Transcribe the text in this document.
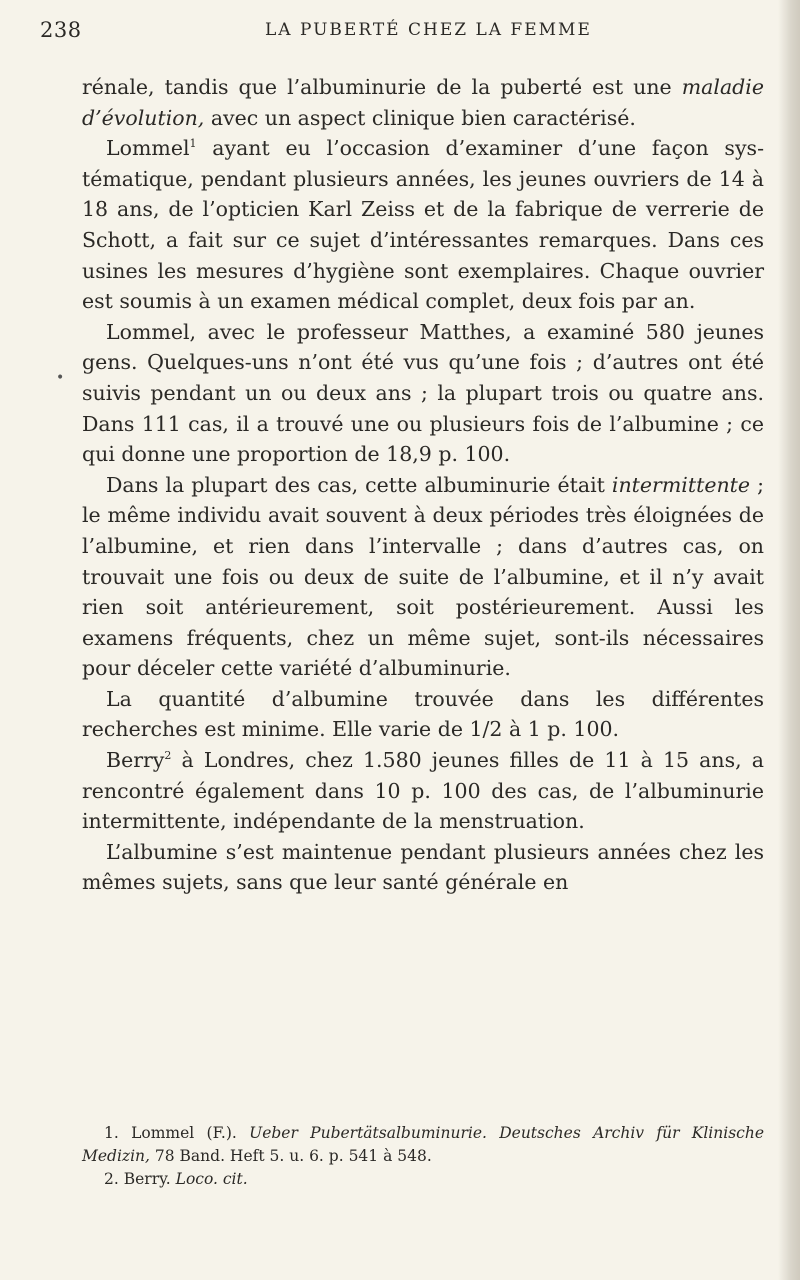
238	LA PUBERTÉ CHEZ LA FEMME
•

rénale, tandis que l’albuminurie de la puberté est une maladie d’évolution, avec un aspect clinique bien caractérisé.

Lommel$^1$ ayant eu l’occasion d’examiner d’une façon systématique, pendant plusieurs années, les jeunes ouvriers de 14 à 18 ans, de l’opticien Karl Zeiss et de la fabrique de verrerie de Schott, a fait sur ce sujet d’intéressantes remarques. Dans ces usines les mesures d’hygiène sont exemplaires. Chaque ouvrier est soumis à un examen médical complet, deux fois par an.

Lommel, avec le professeur Matthes, a examiné 580 jeunes gens. Quelques-uns n’ont été vus qu’une fois ; d’autres ont été suivis pendant un ou deux ans ; la plupart trois ou quatre ans. Dans 111 cas, il a trouvé une ou plusieurs fois de l’albumine ; ce qui donne une proportion de 18,9 p. 100.

Dans la plupart des cas, cette albuminurie était intermittente ; le même individu avait souvent à deux périodes très éloignées de l’albumine, et rien dans l’intervalle ; dans d’autres cas, on trouvait une fois ou deux de suite de l’albumine, et il n’y avait rien soit antérieurement, soit postérieurement. Aussi les examens fréquents, chez un même sujet, sont-ils nécessaires pour déceler cette variété d’albuminurie.

La quantité d’albumine trouvée dans les différentes recherches est minime. Elle varie de 1/2 à 1 p. 100.

Berry$^2$ à Londres, chez 1.580 jeunes filles de 11 à 15 ans, a rencontré également dans 10 p. 100 des cas, de l’albuminurie intermittente, indépendante de la menstruation.

L’albumine s’est maintenue pendant plusieurs années chez les mêmes sujets, sans que leur santé générale en

1. Lommel (F.). Ueber Pubertätsalbuminurie. Deutsches Archiv für Klinische Medizin, 78 Band. Heft 5. u. 6. p. 541 à 548.

2. Berry. Loco. cit.
